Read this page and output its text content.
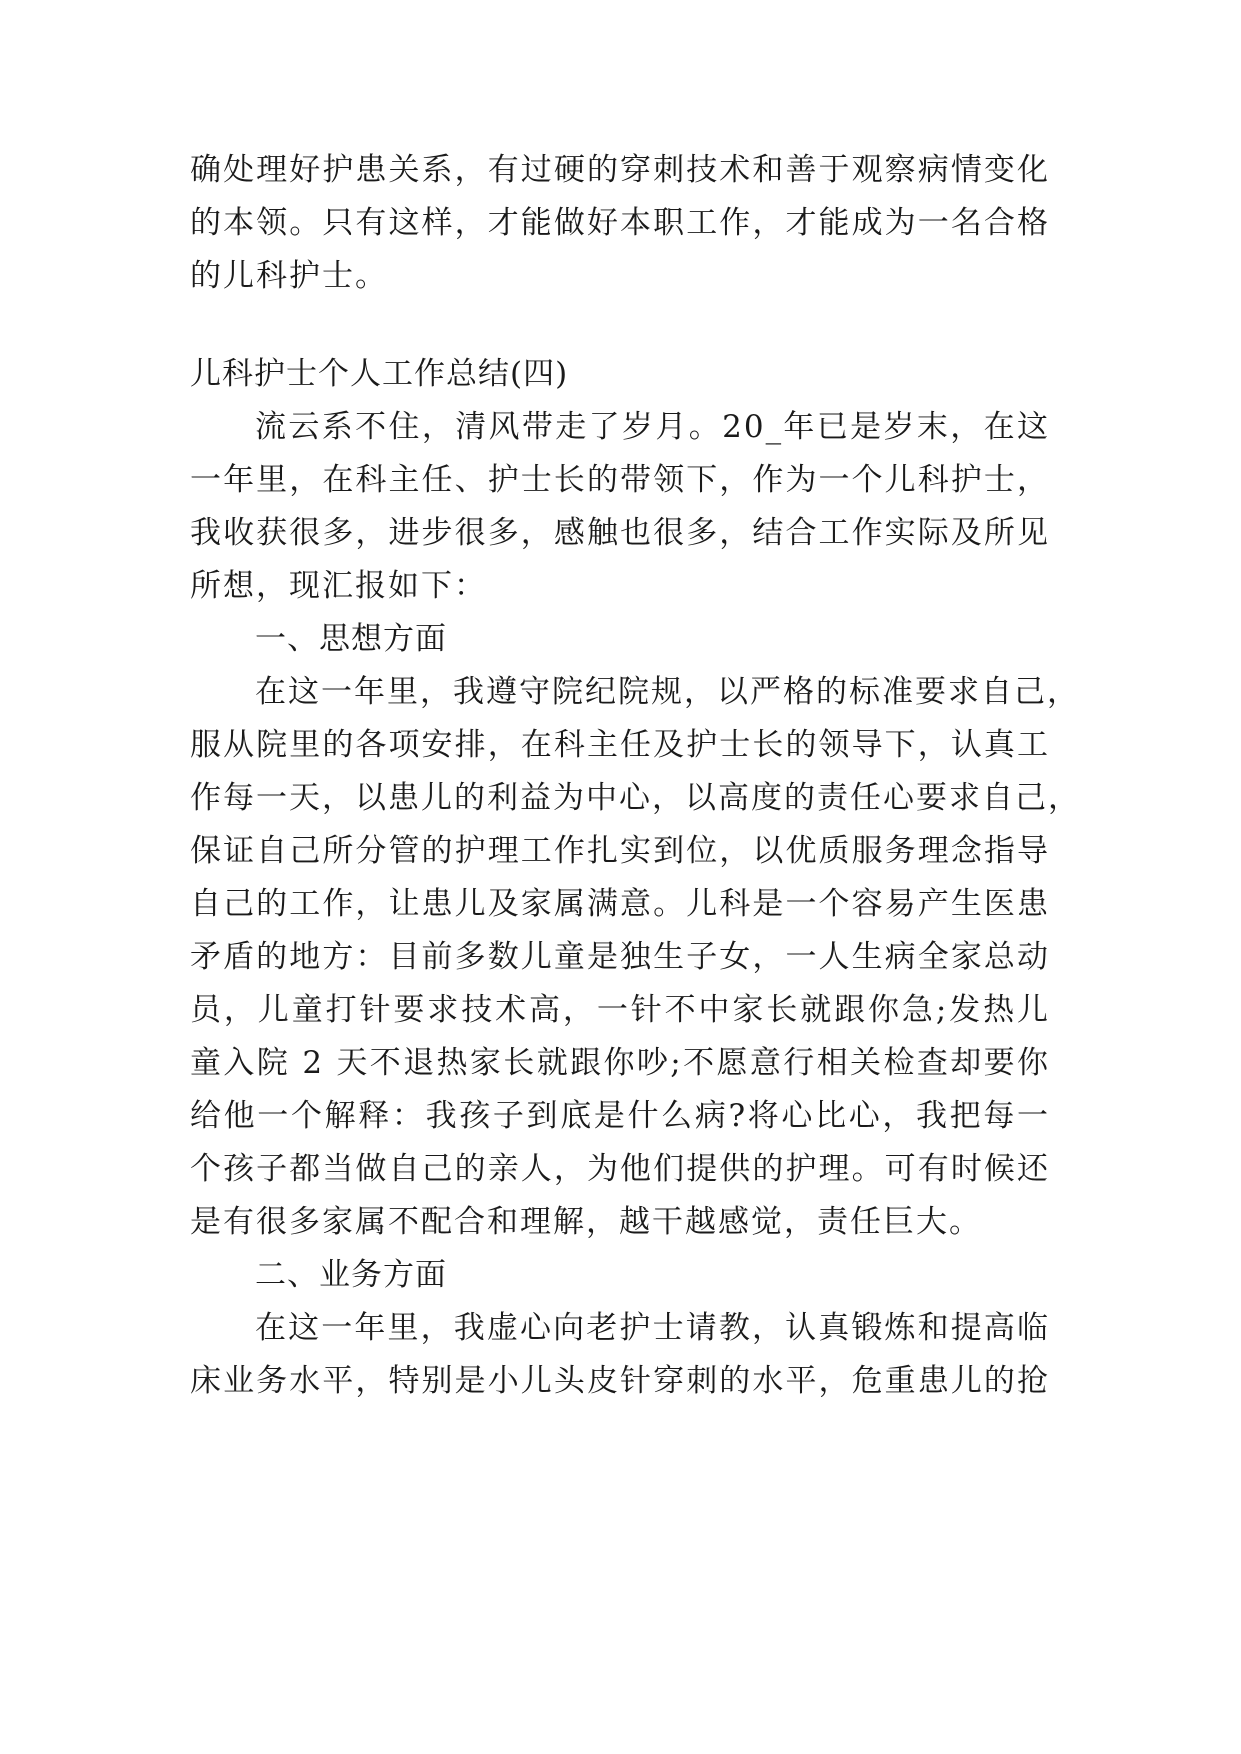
确处理好护患关系，有过硬的穿刺技术和善于观察病情变化
的本领。只有这样，才能做好本职工作，才能成为一名合格
的儿科护士。
儿科护士个人工作总结(四)
流云系不住，清风带走了岁月。20_年已是岁末，在这
一年里，在科主任、护士长的带领下，作为一个儿科护士，
我收获很多，进步很多，感触也很多，结合工作实际及所见
所想，现汇报如下：
一、思想方面
在这一年里，我遵守院纪院规，以严格的标准要求自己，
服从院里的各项安排，在科主任及护士长的领导下，认真工
作每一天，以患儿的利益为中心，以高度的责任心要求自己，
保证自己所分管的护理工作扎实到位，以优质服务理念指导
自己的工作，让患儿及家属满意。儿科是一个容易产生医患
矛盾的地方：目前多数儿童是独生子女，一人生病全家总动
员，儿童打针要求技术高，一针不中家长就跟你急;发热儿
童入院 2 天不退热家长就跟你吵;不愿意行相关检查却要你
给他一个解释：我孩子到底是什么病?将心比心，我把每一
个孩子都当做自己的亲人，为他们提供的护理。可有时候还
是有很多家属不配合和理解，越干越感觉，责任巨大。
二、业务方面
在这一年里，我虚心向老护士请教，认真锻炼和提高临
床业务水平，特别是小儿头皮针穿刺的水平，危重患儿的抢
